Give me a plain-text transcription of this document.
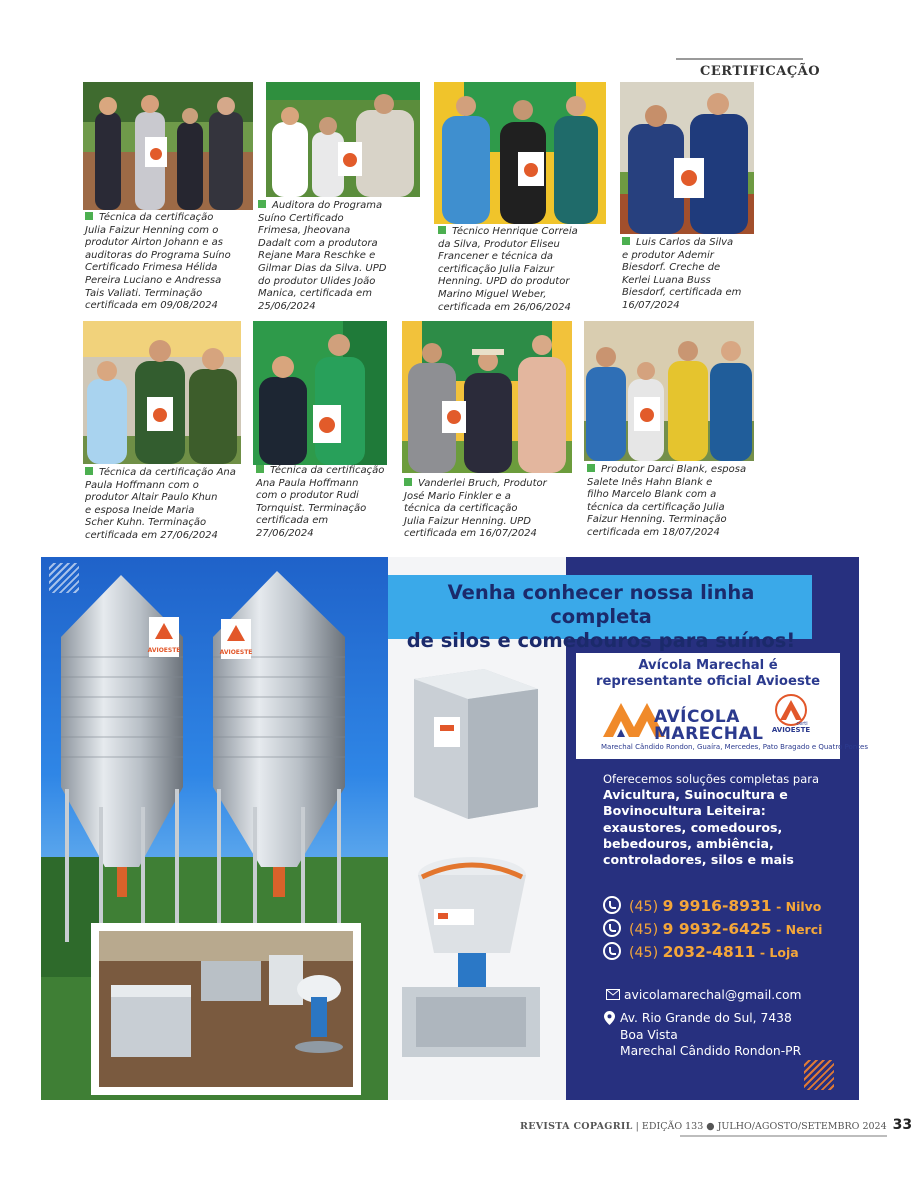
CERTIFICAÇÃO
Técnica da certificação
Julia Faizur Henning com o
produtor Airton Johann e as
auditoras do Programa Suíno
Certificado Frimesa Hélida
Pereira Luciano e Andressa
Tais Valiati. Terminação
certificada em 09/08/2024
Auditora do Programa
Suíno Certificado
Frimesa, Jheovana
Dadalt com a produtora
Rejane Mara Reschke e
Gilmar Dias da Silva. UPD
do produtor Ulides João
Manica, certificada em
25/06/2024
Técnico Henrique Correia
da Silva, Produtor Eliseu
Francener e técnica da
certificação Julia Faizur
Henning. UPD do produtor
Marino Miguel Weber,
certificada em 26/06/2024
Luis Carlos da Silva
e produtor Ademir
Biesdorf. Creche de
Kerlei Luana Buss
Biesdorf, certificada em
16/07/2024
Técnica da certificação Ana
Paula Hoffmann com o
produtor Altair Paulo Khun
e esposa Ineide Maria
Scher Kuhn. Terminação
certificada em 27/06/2024
Técnica da certificação
Ana Paula Hoffmann
com o produtor Rudi
Tornquist. Terminação
certificada em
27/06/2024
Vanderlei Bruch, Produtor
José Mario Finkler e a
técnica da certificação
Julia Faizur Henning. UPD
certificada em 16/07/2024
Produtor Darci Blank, esposa
Salete Inês Hahn Blank e
filho Marcelo Blank com a
técnica da certificação Julia
Faizur Henning. Terminação
certificada em 18/07/2024
AVIOESTE	AVIOESTE
Venha conhecer nossa linha completa
de silos e comedouros para suínos!
Avícola Marechal é
representante oficial Avioeste
AVÍCOLA
MARECHAL	certi
AVIOESTE
Marechal Cândido Rondon, Guaíra, Mercedes, Pato Bragado e Quatro Pontes
Oferecemos soluções completas para
Avicultura, Suinocultura e
Bovinocultura Leiteira:
exaustores, comedouros,
bebedouros, ambiência,
controladores, silos e mais
(45) 9 9916-8931 - Nilvo
(45) 9 9932-6425 - Nerci
(45) 2032-4811 - Loja
avicolamarechal@gmail.com
Av. Rio Grande do Sul, 7438
Boa Vista
Marechal Cândido Rondon-PR
REVISTA COPAGRIL | EDIÇÃO 133 ● JULHO/AGOSTO/SETEMBRO 2024 33
